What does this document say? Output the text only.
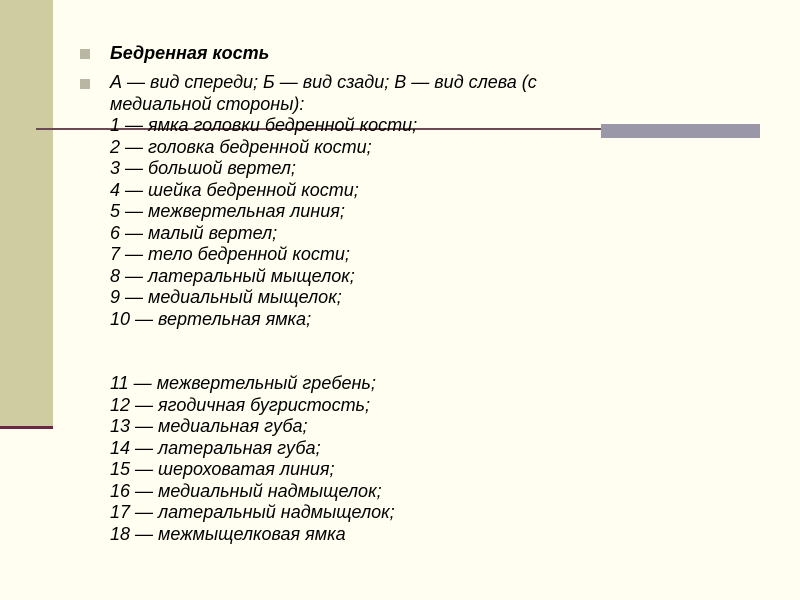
Бедренная кость
А — вид спереди; Б — вид сзади; В — вид слева (с
медиальной стороны):
1 — ямка головки бедренной кости;
2 — головка бедренной кости;
3 — большой вертел;
4 — шейка бедренной кости;
5 — межвертельная линия;
6 — малый вертел;
7 — тело бедренной кости;
8 — латеральный мыщелок;
9 — медиальный мыщелок;
10 — вертельная ямка;
11 — межвертельный гребень;
12 — ягодичная бугристость;
13 — медиальная губа;
14 — латеральная губа;
15 — шероховатая линия;
16 — медиальный надмыщелок;
17 — латеральный надмыщелок;
18 — межмыщелковая ямка
